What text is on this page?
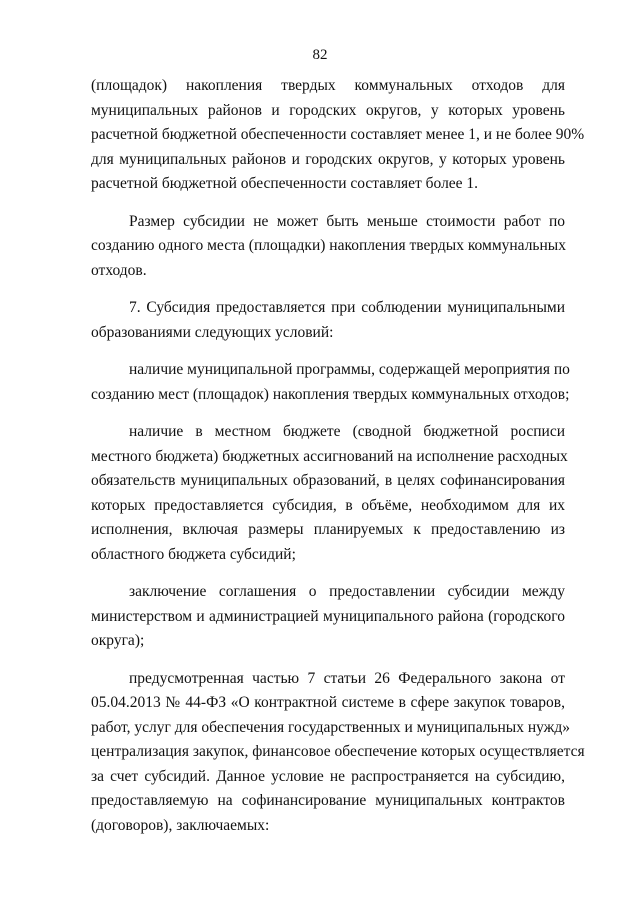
82

(площадок) накопления твердых коммунальных отходов для
муниципальных районов и городских округов, у которых уровень
расчетной бюджетной обеспеченности составляет менее 1, и не более 90%
для муниципальных районов и городских округов, у которых уровень
расчетной бюджетной обеспеченности составляет более 1.

Размер субсидии не может быть меньше стоимости работ по
созданию одного места (площадки) накопления твердых коммунальных
отходов.

7. Субсидия предоставляется при соблюдении муниципальными
образованиями следующих условий:

наличие муниципальной программы, содержащей мероприятия по
созданию мест (площадок) накопления твердых коммунальных отходов;

наличие в местном бюджете (сводной бюджетной росписи
местного бюджета) бюджетных ассигнований на исполнение расходных
обязательств муниципальных образований, в целях софинансирования
которых предоставляется субсидия, в объёме, необходимом для их
исполнения, включая размеры планируемых к предоставлению из
областного бюджета субсидий;

заключение соглашения о предоставлении субсидии между
министерством и администрацией муниципального района (городского
округа);

предусмотренная частью 7 статьи 26 Федерального закона от
05.04.2013 № 44-ФЗ «О контрактной системе в сфере закупок товаров,
работ, услуг для обеспечения государственных и муниципальных нужд»
централизация закупок, финансовое обеспечение которых осуществляется
за счет субсидий. Данное условие не распространяется на субсидию,
предоставляемую на софинансирование муниципальных контрактов
(договоров), заключаемых:
